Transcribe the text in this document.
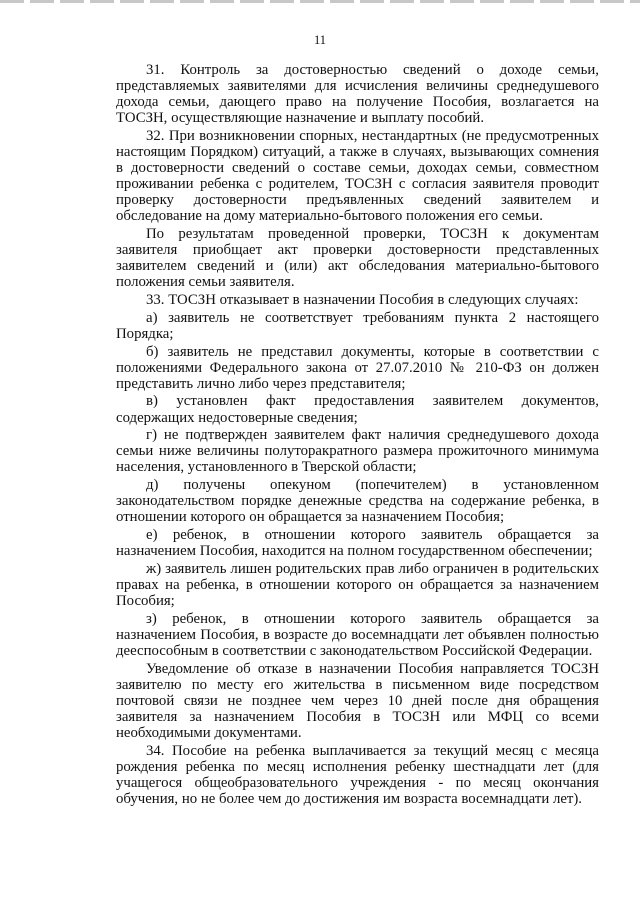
11

31. Контроль за достоверностью сведений о доходе семьи, представляемых заявителями для исчисления величины среднедушевого дохода семьи, дающего право на получение Пособия, возлагается на ТОСЗН, осуществляющие назначение и выплату пособий.

32. При возникновении спорных, нестандартных (не предусмотренных настоящим Порядком) ситуаций, а также в случаях, вызывающих сомнения в достоверности сведений о составе семьи, доходах семьи, совместном проживании ребенка с родителем, ТОСЗН с согласия заявителя проводит проверку достоверности предъявленных сведений заявителем и обследование на дому материально-бытового положения его семьи.

По результатам проведенной проверки, ТОСЗН к документам заявителя приобщает акт проверки достоверности представленных заявителем сведений и (или) акт обследования материально-бытового положения семьи заявителя.

33. ТОСЗН отказывает в назначении Пособия в следующих случаях:

а) заявитель не соответствует требованиям пункта 2 настоящего Порядка;

б) заявитель не представил документы, которые в соответствии с положениями Федерального закона от 27.07.2010 № 210-ФЗ он должен представить лично либо через представителя;

в) установлен факт предоставления заявителем документов, содержащих недостоверные сведения;

г) не подтвержден заявителем факт наличия среднедушевого дохода семьи ниже величины полуторакратного размера прожиточного минимума населения, установленного в Тверской области;

д) получены опекуном (попечителем) в установленном законодательством порядке денежные средства на содержание ребенка, в отношении которого он обращается за назначением Пособия;

е) ребенок, в отношении которого заявитель обращается за назначением Пособия, находится на полном государственном обеспечении;

ж) заявитель лишен родительских прав либо ограничен в родительских правах на ребенка, в отношении которого он обращается за назначением Пособия;

з) ребенок, в отношении которого заявитель обращается за назначением Пособия, в возрасте до восемнадцати лет объявлен полностью дееспособным в соответствии с законодательством Российской Федерации.

Уведомление об отказе в назначении Пособия направляется ТОСЗН заявителю по месту его жительства в письменном виде посредством почтовой связи не позднее чем через 10 дней после дня обращения заявителя за назначением Пособия в ТОСЗН или МФЦ со всеми необходимыми документами.

34. Пособие на ребенка выплачивается за текущий месяц с месяца рождения ребенка по месяц исполнения ребенку шестнадцати лет (для учащегося общеобразовательного учреждения - по месяц окончания обучения, но не более чем до достижения им возраста восемнадцати лет).
